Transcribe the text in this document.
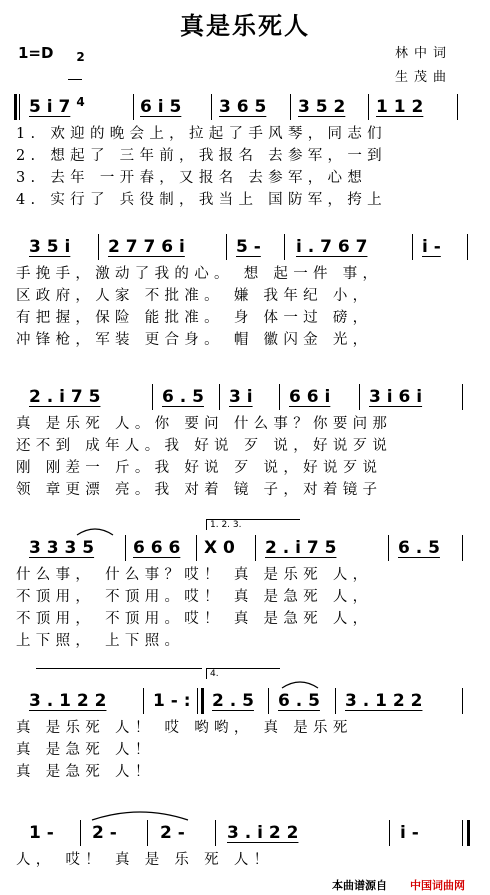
真是乐死人
1=D	2

4

林中词
生茂曲
5 i 7	6 i 5 3 6 5 3 5 2 1 1 2
1. 欢迎的晚会上，拉起了手风琴，同志们
2. 想起了 三年前，我报名 去参军，一到
3. 去年 一开春，又报名 去参军，心想
4. 实行了 兵役制，我当上 国防军，挎上
3 5 i 2 7 7 6 i	5 - i . 7 6 7	i -
手挽手，激动了我的心。 想 起一件 事，
区政府，人家 不批准。 嫌 我年纪 小，
有把握，保险 能批准。 身 体一过 磅，
冲锋枪，军装 更合身。 帽 徽闪金 光，
2 . i 7 5	6 . 5 3 i 6 6 i 3 i 6 i
真 是乐死 人。你 要问 什么事？你要问那
还不到 成年人。我 好说 歹 说，好说歹说
刚 刚差一 斤。我 好说 歹 说，好说歹说
领 章更漂 亮。我 对着 镜 子，对着镜子
1. 2. 3.
3 3 3 5 6 6 6 X 0 2 . i 7 5	6 . 5
什么事， 什么事？哎！ 真 是乐死 人，
不顶用， 不顶用。哎！ 真 是急死 人，
不顶用， 不顶用。哎！ 真 是急死 人，
上下照， 上下照。
4.
3 . 1 2 2	1 - : 2 . 5 6 . 5 3 . 1 2 2
真 是乐死 人！ 哎 哟哟， 真 是乐死
真 是急死 人！
真 是急死 人！
1 - 2 -	2 - 3 . i 2 2	i -
人， 哎！ 真 是 乐 死 人！
本曲谱源自 中国词曲网
